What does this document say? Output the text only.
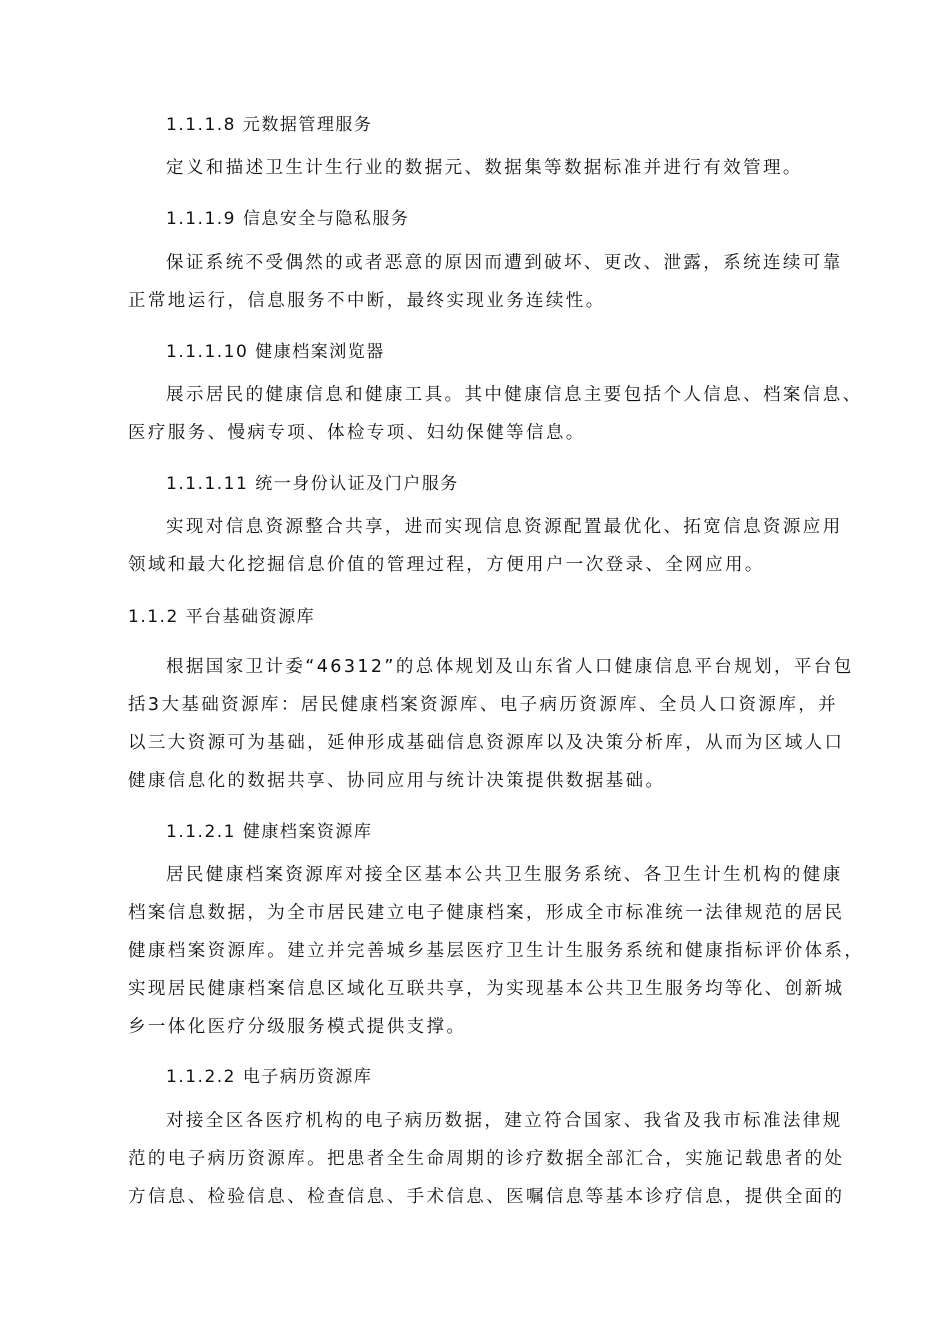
1.1.1.8 元数据管理服务
定义和描述卫生计生行业的数据元、数据集等数据标准并进行有效管理。
1.1.1.9 信息安全与隐私服务
保证系统不受偶然的或者恶意的原因而遭到破坏、更改、泄露，系统连续可靠
正常地运行，信息服务不中断，最终实现业务连续性。
1.1.1.10 健康档案浏览器
展示居民的健康信息和健康工具。其中健康信息主要包括个人信息、档案信息、
医疗服务、慢病专项、体检专项、妇幼保健等信息。
1.1.1.11 统一身份认证及门户服务
实现对信息资源整合共享，进而实现信息资源配置最优化、拓宽信息资源应用
领域和最大化挖掘信息价值的管理过程，方便用户一次登录、全网应用。
1.1.2 平台基础资源库
根据国家卫计委“46312”的总体规划及山东省人口健康信息平台规划，平台包
括3大基础资源库：居民健康档案资源库、电子病历资源库、全员人口资源库，并
以三大资源可为基础，延伸形成基础信息资源库以及决策分析库，从而为区域人口
健康信息化的数据共享、协同应用与统计决策提供数据基础。
1.1.2.1 健康档案资源库
居民健康档案资源库对接全区基本公共卫生服务系统、各卫生计生机构的健康
档案信息数据，为全市居民建立电子健康档案，形成全市标准统一法律规范的居民
健康档案资源库。建立并完善城乡基层医疗卫生计生服务系统和健康指标评价体系，
实现居民健康档案信息区域化互联共享，为实现基本公共卫生服务均等化、创新城
乡一体化医疗分级服务模式提供支撑。
1.1.2.2 电子病历资源库
对接全区各医疗机构的电子病历数据，建立符合国家、我省及我市标准法律规
范的电子病历资源库。把患者全生命周期的诊疗数据全部汇合，实施记载患者的处
方信息、检验信息、检查信息、手术信息、医嘱信息等基本诊疗信息，提供全面的
